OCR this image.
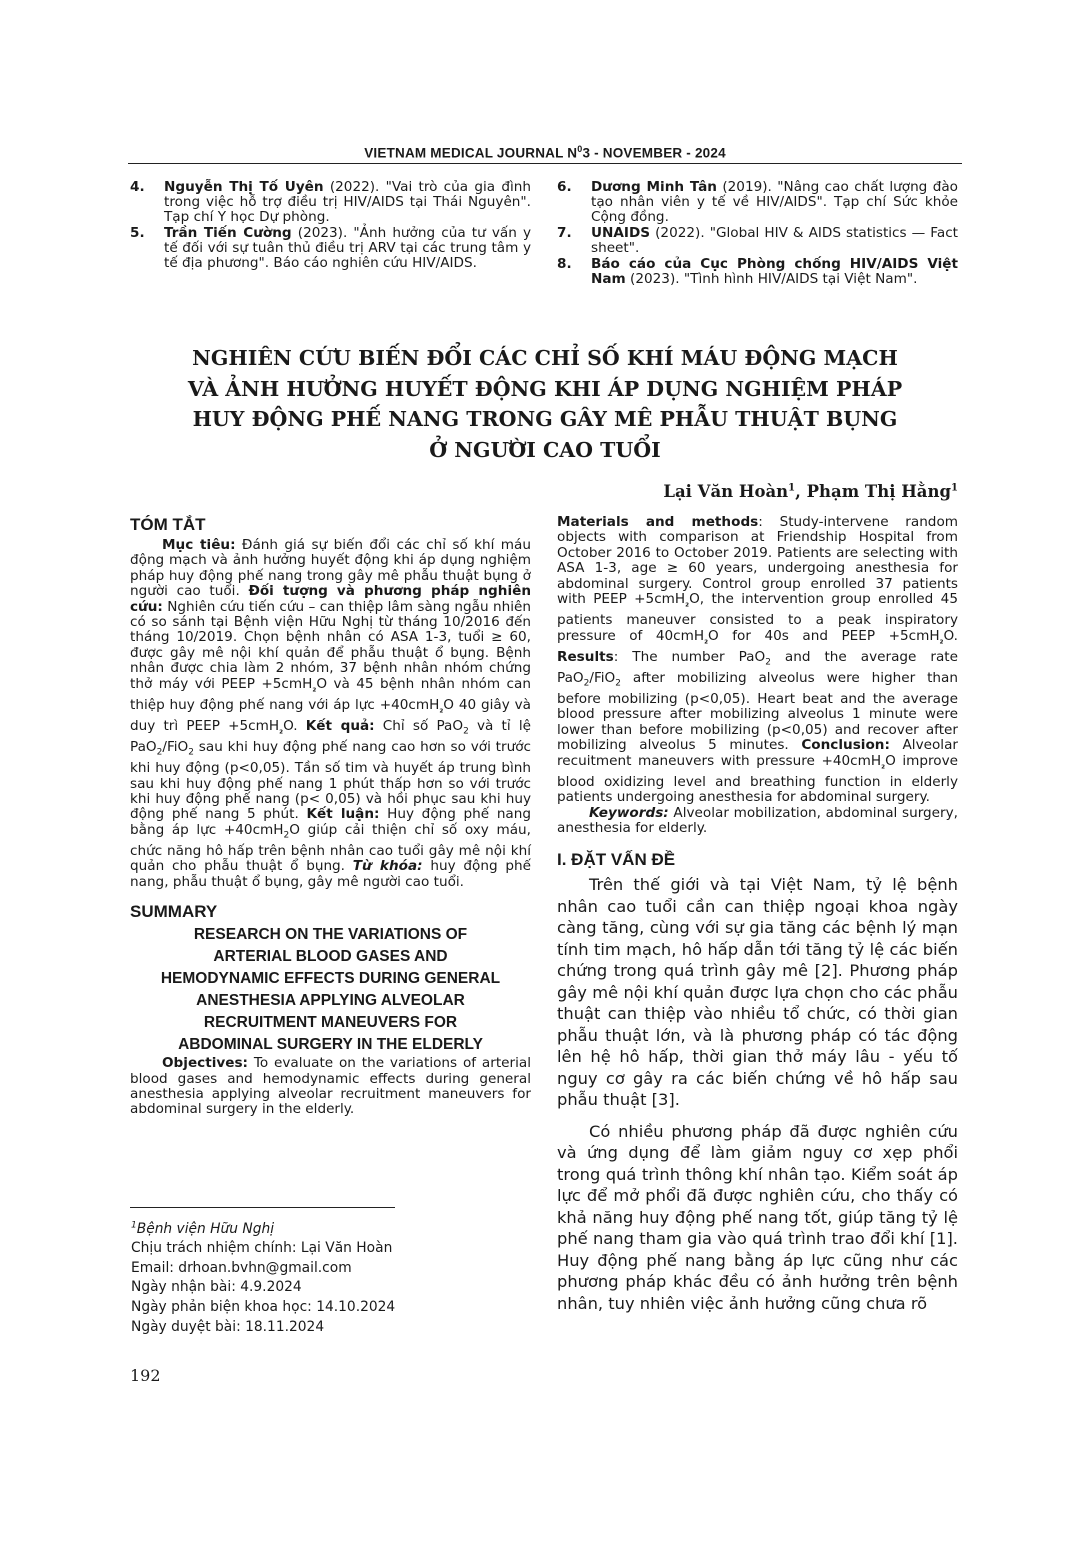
VIETNAM MEDICAL JOURNAL $N^03$ - NOVEMBER - 2024
4.	Nguyễn Thị Tố Uyên (2022). "Vai trò của gia đình trong việc hỗ trợ điều trị HIV/AIDS tại Thái Nguyên". Tạp chí Y học Dự phòng.
5.	Trần Tiến Cường (2023). "Ảnh hưởng của tư vấn y tế đối với sự tuân thủ điều trị ARV tại các trung tâm y tế địa phương". Báo cáo nghiên cứu HIV/AIDS.
6.	Dương Minh Tân (2019). "Nâng cao chất lượng đào tạo nhân viên y tế về HIV/AIDS". Tạp chí Sức khỏe Cộng đồng.
7.	UNAIDS (2022). "Global HIV & AIDS statistics — Fact sheet".
8.	Báo cáo của Cục Phòng chống HIV/AIDS Việt Nam (2023). "Tình hình HIV/AIDS tại Việt Nam".
NGHIÊN CỨU BIẾN ĐỔI CÁC CHỈ SỐ KHÍ MÁU ĐỘNG MẠCH
VÀ ẢNH HƯỞNG HUYẾT ĐỘNG KHI ÁP DỤNG NGHIỆM PHÁP
HUY ĐỘNG PHẾ NANG TRONG GÂY MÊ PHẪU THUẬT BỤNG
Ở NGƯỜI CAO TUỔI
Lại Văn Hoàn$^1$, Phạm Thị Hằng$^1$
TÓM TẮT

Mục tiêu: Đánh giá sự biến đổi các chỉ số khí máu động mạch và ảnh hưởng huyết động khi áp dụng nghiệm pháp huy động phế nang trong gây mê phẫu thuật bụng ở người cao tuổi. Đối tượng và phương pháp nghiên cứu: Nghiên cứu tiến cứu – can thiệp lâm sàng ngẫu nhiên có so sánh tại Bệnh viện Hữu Nghị từ tháng 10/2016 đến tháng 10/2019. Chọn bệnh nhân có ASA 1-3, tuổi ≥ 60, được gây mê nội khí quản để phẫu thuật ổ bụng. Bệnh nhân được chia làm 2 nhóm, 37 bệnh nhân nhóm chứng thở máy với PEEP +5cmH$_{_2}$O và 45 bệnh nhân nhóm can thiệp huy động phế nang với áp lực +40cmH$_{_2}$O 40 giây và duy trì PEEP +5cmH$_{_2}$O. Kết quả: Chỉ số PaO$_2$ và tỉ lệ PaO$_2$/FiO$_2$ sau khi huy động phế nang cao hơn so với trước khi huy động (p<0,05). Tần số tim và huyết áp trung bình sau khi huy động phế nang 1 phút thấp hơn so với trước khi huy động phế nang (p< 0,05) và hồi phục sau khi huy động phế nang 5 phút. Kết luận: Huy động phế nang bằng áp lực +40cmH$_2$O giúp cải thiện chỉ số oxy máu, chức năng hô hấp trên bệnh nhân cao tuổi gây mê nội khí quản cho phẫu thuật ổ bụng. Từ khóa: huy động phế nang, phẫu thuật ổ bụng, gây mê người cao tuổi.

SUMMARY
RESEARCH ON THE VARIATIONS OF
ARTERIAL BLOOD GASES AND
HEMODYNAMIC EFFECTS DURING GENERAL
ANESTHESIA APPLYING ALVEOLAR
RECRUITMENT MANEUVERS FOR
ABDOMINAL SURGERY IN THE ELDERLY

Objectives: To evaluate on the variations of arterial blood gases and hemodynamic effects during general anesthesia applying alveolar recruitment maneuvers for abdominal surgery in the elderly.

$^1$Bệnh viện Hữu Nghị
Chịu trách nhiệm chính: Lại Văn Hoàn
Email: drhoan.bvhn@gmail.com
Ngày nhận bài: 4.9.2024
Ngày phản biện khoa học: 14.10.2024
Ngày duyệt bài: 18.11.2024

Materials and methods: Study-intervene random objects with comparison at Friendship Hospital from October 2016 to October 2019. Patients are selecting with ASA 1-3, age ≥ 60 years, undergoing anesthesia for abdominal surgery. Control group enrolled 37 patients with PEEP +5cmH$_{_2}$O, the intervention group enrolled 45 patients maneuver consisted to a peak inspiratory pressure of 40cmH$_{_2}$O for 40s and PEEP +5cmH$_{_2}$O. Results: The number PaO$_2$ and the average rate PaO$_2$/FiO$_2$ after mobilizing alveolus were higher than before mobilizing (p<0,05). Heart beat and the average blood pressure after mobilizing alveolus 1 minute were lower than before mobilizing (p<0,05) and recover after mobilizing alveolus 5 minutes. Conclusion: Alveolar recuitment maneuvers with pressure +40cmH$_{_2}$O improve blood oxidizing level and breathing function in elderly patients undergoing anesthesia for abdominal surgery.

Keywords: Alveolar mobilization, abdominal surgery, anesthesia for elderly.

I. ĐẶT VẤN ĐỀ

Trên thế giới và tại Việt Nam, tỷ lệ bệnh nhân cao tuổi cần can thiệp ngoại khoa ngày càng tăng, cùng với sự gia tăng các bệnh lý mạn tính tim mạch, hô hấp dẫn tới tăng tỷ lệ các biến chứng trong quá trình gây mê [2]. Phương pháp gây mê nội khí quản được lựa chọn cho các phẫu thuật can thiệp vào nhiều tổ chức, có thời gian phẫu thuật lớn, và là phương pháp có tác động lên hệ hô hấp, thời gian thở máy lâu - yếu tố nguy cơ gây ra các biến chứng về hô hấp sau phẫu thuật [3].

Có nhiều phương pháp đã được nghiên cứu và ứng dụng để làm giảm nguy cơ xẹp phổi trong quá trình thông khí nhân tạo. Kiểm soát áp lực để mở phổi đã được nghiên cứu, cho thấy có khả năng huy động phế nang tốt, giúp tăng tỷ lệ phế nang tham gia vào quá trình trao đổi khí [1]. Huy động phế nang bằng áp lực cũng như các phương pháp khác đều có ảnh hưởng trên bệnh nhân, tuy nhiên việc ảnh hưởng cũng chưa rõ

192
